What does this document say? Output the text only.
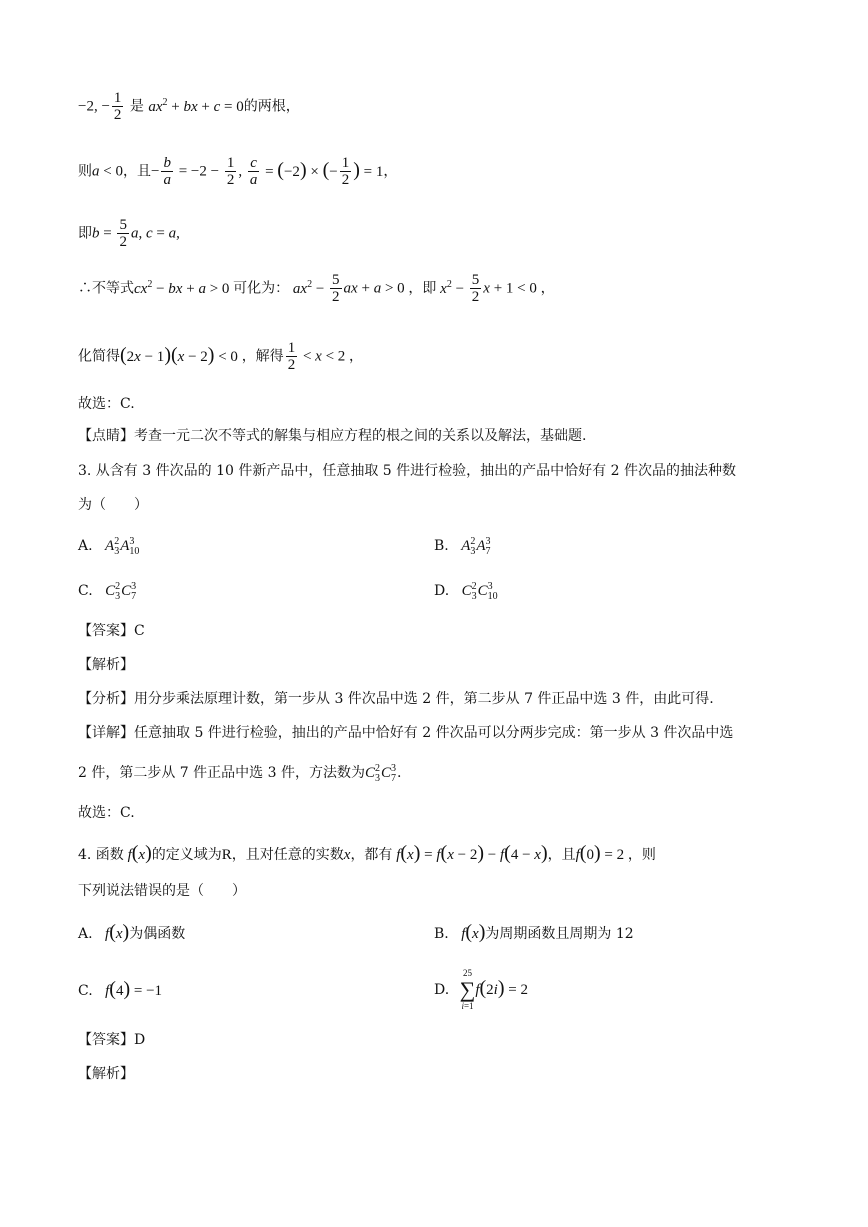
−2, − $\frac{1}{2}$ 是 $ax^2$ + bx + c = 0的两根，
则a < 0，且− $\frac{b}{a} = -2 - \frac{1}{2}$ , $\frac{c}{a} = (-2)$ × (− $\frac{1}{2}$ ) = 1，
即$b = \frac{5}{2} a$, c = a,
∴不等式$cx^2$ − bx + a > 0 可化为： $ax^2 - \frac{5}{2}$ ax + a > 0 ，即 $x^2 - \frac{5}{2}$ x + 1 < 0 ，
化简得(2x − 1)(x − 2) < 0 ，解得 $\frac{1}{2} < x < 2$ ，
故选：C.
【点睛】考查一元二次不等式的解集与相应方程的根之间的关系以及解法，基础题.
3. 从含有 3 件次品的 10 件新产品中，任意抽取 5 件进行检验，抽出的产品中恰好有 2 件次品的抽法种数
为（　　）
A. A 2
3 A 3
10	B. A 2
3 A 3
7
C. C 2
3 C 3
7	D. C 2
3 C 3
10
【答案】C
【解析】
【分析】用分步乘法原理计数，第一步从 3 件次品中选 2 件，第二步从 7 件正品中选 3 件，由此可得.
【详解】任意抽取 5 件进行检验，抽出的产品中恰好有 2 件次品可以分两步完成：第一步从 3 件次品中选
2 件，第二步从 7 件正品中选 3 件，方法数为C 2
3 C 3
7 .
故选：C.
4. 函数 f(x)的定义域为R，且对任意的实数x，都有 f(x) = f(x − 2) − f(4 − x)，且f(0) = 2 ，则
下列说法错误的是（　　）
A. f(x)为偶函数	B. f(x)为周期函数且周期为 12
C. f(4) = −1	D.
25
∑
i=1
f(2i) = 2
【答案】D
【解析】
